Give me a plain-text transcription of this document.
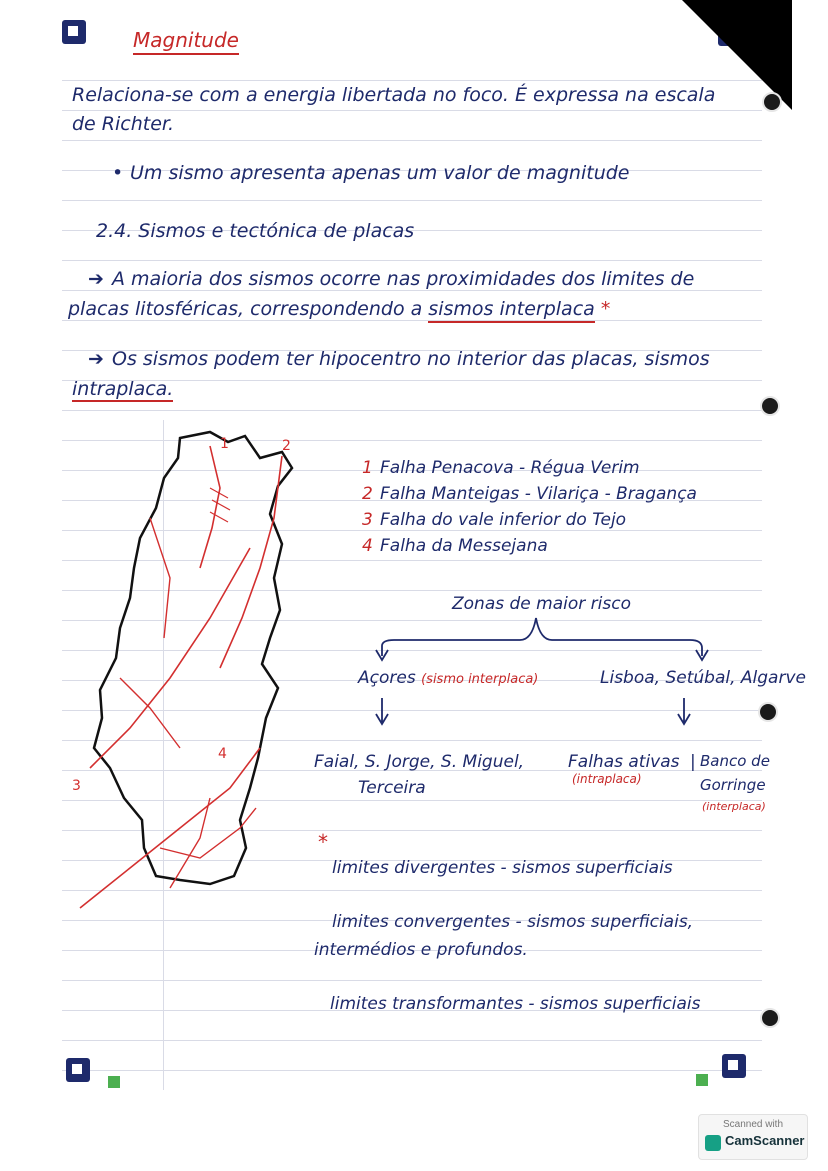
Magnitude
Relaciona-se com a energia libertada no foco. É expressa na escala
de Richter.
• Um sismo apresenta apenas um valor de magnitude
2.4. Sismos e tectónica de placas
➔ A maioria dos sismos ocorre nas proximidades dos limites de
placas litosféricas, correspondendo a sismos interplaca *
➔ Os sismos podem ter hipocentro no interior das placas, sismos
intraplaca.
1	2
3
4
1 Falha Penacova - Régua Verim
2 Falha Manteigas - Vilariça - Bragança
3 Falha do vale inferior do Tejo
4 Falha da Messejana
Zonas de maior risco
Açores (sismo interplaca)	Lisboa, Setúbal, Algarve
Faial, S. Jorge, S. Miguel,
Terceira
Falhas ativas
(intraplaca)
| Banco de
Gorringe
(interplaca)
*
limites divergentes - sismos superficiais
limites convergentes - sismos superficiais,
intermédios e profundos.
limites transformantes - sismos superficiais
Scanned with
CamScanner
